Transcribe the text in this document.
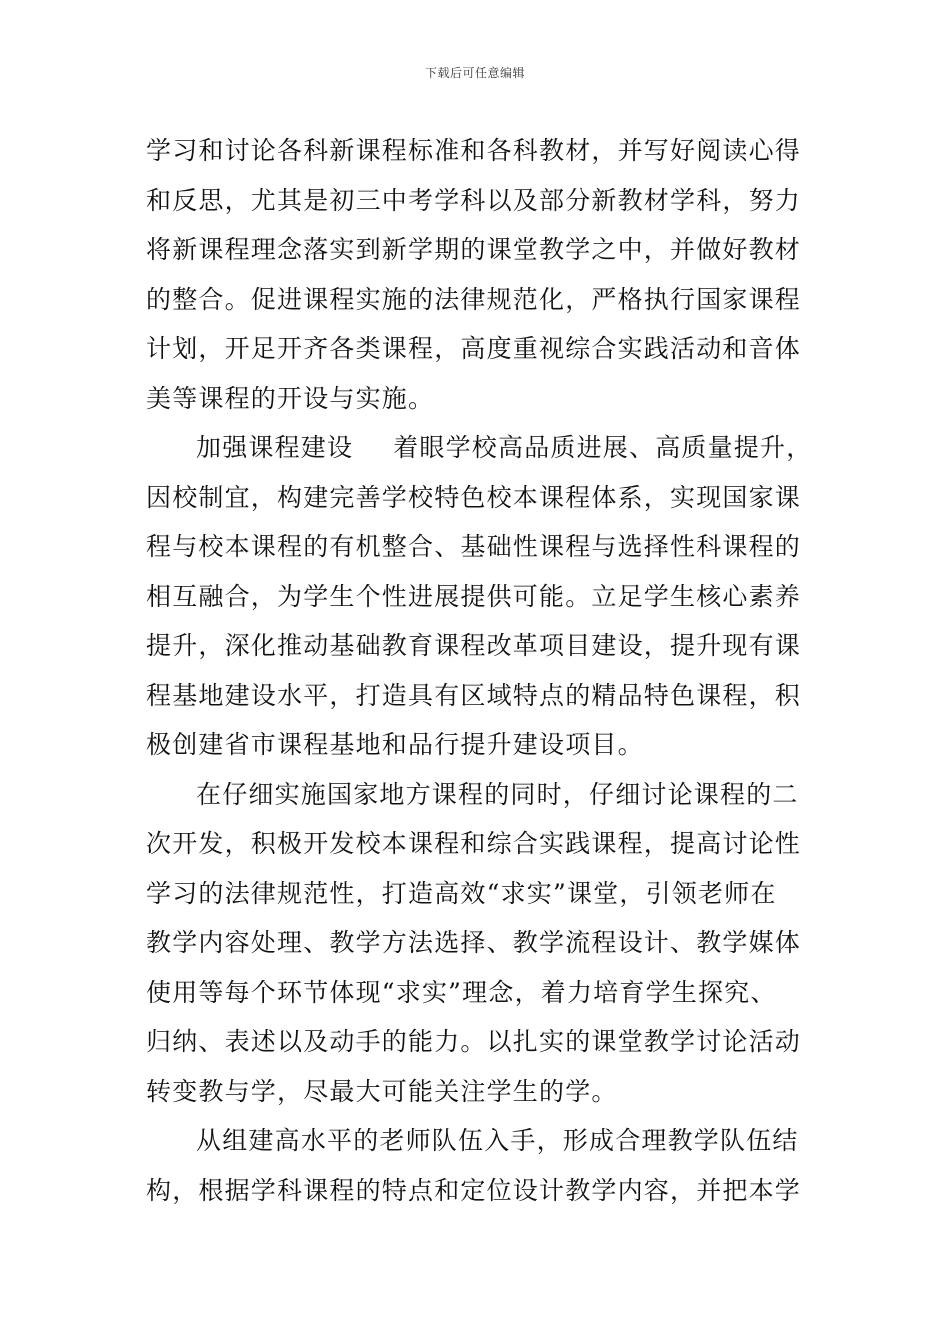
下载后可任意编辑
学习和讨论各科新课程标准和各科教材，并写好阅读心得
和反思，尤其是初三中考学科以及部分新教材学科，努力
将新课程理念落实到新学期的课堂教学之中，并做好教材
的整合。促进课程实施的法律规范化，严格执行国家课程
计划，开足开齐各类课程，高度重视综合实践活动和音体
美等课程的开设与实施。
加强课程建设 着眼学校高品质进展、高质量提升，
因校制宜，构建完善学校特色校本课程体系，实现国家课
程与校本课程的有机整合、基础性课程与选择性科课程的
相互融合，为学生个性进展提供可能。立足学生核心素养
提升，深化推动基础教育课程改革项目建设，提升现有课
程基地建设水平，打造具有区域特点的精品特色课程，积
极创建省市课程基地和品行提升建设项目。
在仔细实施国家地方课程的同时，仔细讨论课程的二
次开发，积极开发校本课程和综合实践课程，提高讨论性
学习的法律规范性，打造高效“求实”课堂，引领老师在
教学内容处理、教学方法选择、教学流程设计、教学媒体
使用等每个环节体现“求实”理念，着力培育学生探究、
归纳、表述以及动手的能力。以扎实的课堂教学讨论活动
转变教与学，尽最大可能关注学生的学。
从组建高水平的老师队伍入手，形成合理教学队伍结
构，根据学科课程的特点和定位设计教学内容，并把本学
